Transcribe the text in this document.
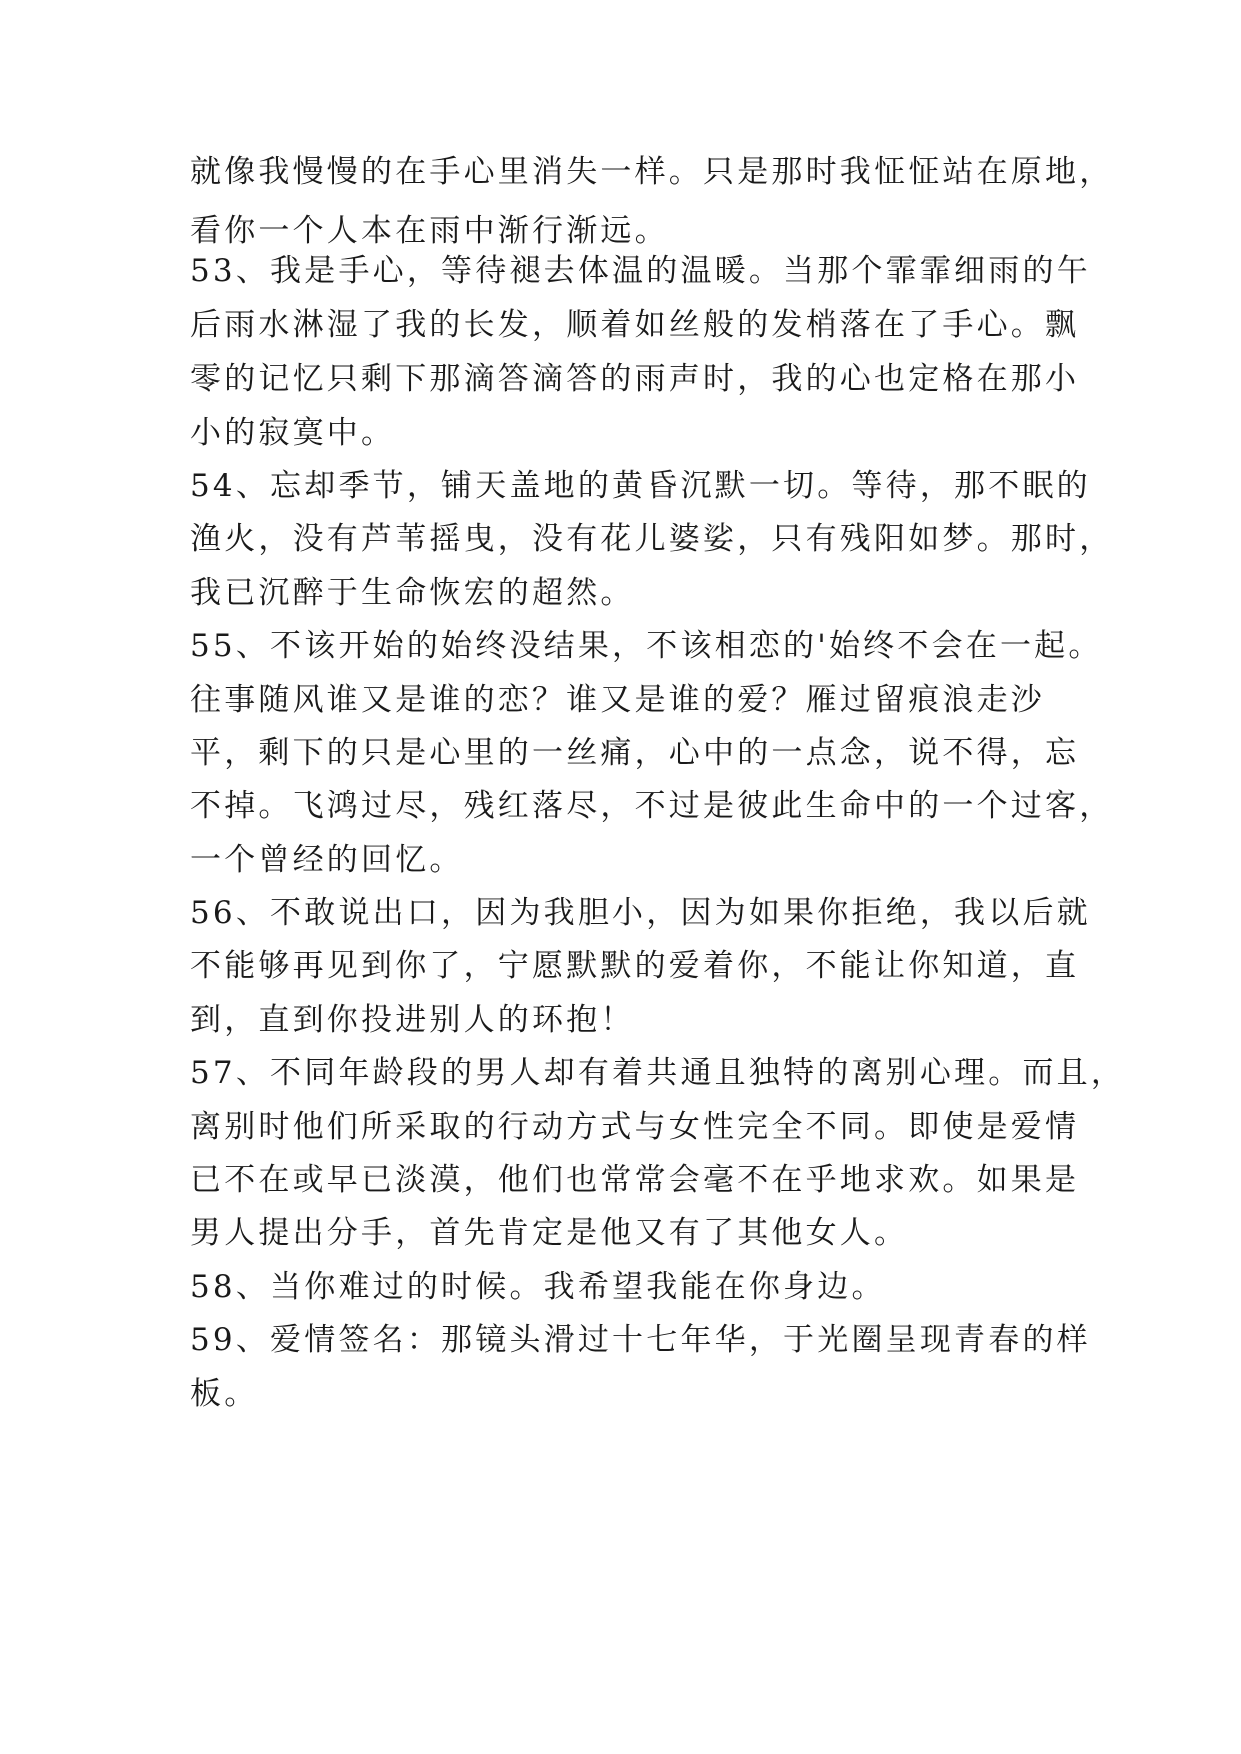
就像我慢慢的在手心里消失一样。只是那时我怔怔站在原地，
看你一个人本在雨中渐行渐远。
53、我是手心，等待褪去体温的温暖。当那个霏霏细雨的午
后雨水淋湿了我的长发，顺着如丝般的发梢落在了手心。飘
零的记忆只剩下那滴答滴答的雨声时，我的心也定格在那小
小的寂寞中。
54、忘却季节，铺天盖地的黄昏沉默一切。等待，那不眠的
渔火，没有芦苇摇曳，没有花儿婆娑，只有残阳如梦。那时，
我已沉醉于生命恢宏的超然。
55、不该开始的始终没结果，不该相恋的'始终不会在一起。
往事随风谁又是谁的恋？谁又是谁的爱？雁过留痕浪走沙
平，剩下的只是心里的一丝痛，心中的一点念，说不得，忘
不掉。飞鸿过尽，残红落尽，不过是彼此生命中的一个过客，
一个曾经的回忆。
56、不敢说出口，因为我胆小，因为如果你拒绝，我以后就
不能够再见到你了，宁愿默默的爱着你，不能让你知道，直
到，直到你投进别人的环抱！
57、不同年龄段的男人却有着共通且独特的离别心理。而且，
离别时他们所采取的行动方式与女性完全不同。即使是爱情
已不在或早已淡漠，他们也常常会毫不在乎地求欢。如果是
男人提出分手，首先肯定是他又有了其他女人。
58、当你难过的时候。我希望我能在你身边。
59、爱情签名：那镜头滑过十七年华，于光圈呈现青春的样
板。
